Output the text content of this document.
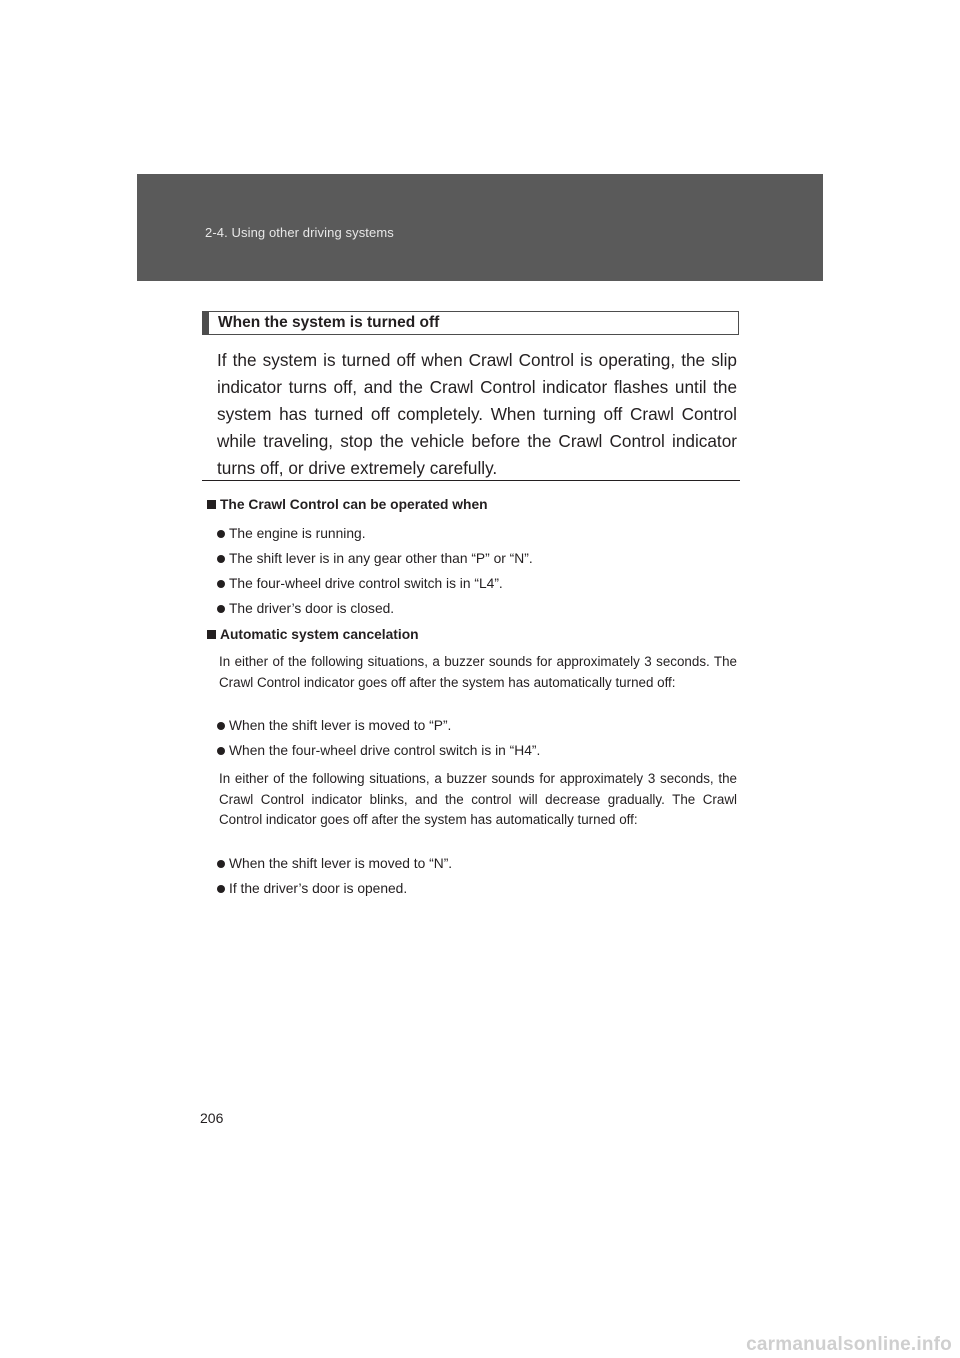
2-4. Using other driving systems
When the system is turned off
If the system is turned off when Crawl Control is operating, the slip indicator turns off, and the Crawl Control indicator flashes until the system has turned off completely. When turning off Crawl Control while traveling, stop the vehicle before the Crawl Control indicator turns off, or drive extremely carefully.
The Crawl Control can be operated when
The engine is running.
The shift lever is in any gear other than “P” or “N”.
The four-wheel drive control switch is in “L4”.
The driver’s door is closed.
Automatic system cancelation
In either of the following situations, a buzzer sounds for approximately 3 seconds. The Crawl Control indicator goes off after the system has automatically turned off:
When the shift lever is moved to “P”.
When the four-wheel drive control switch is in “H4”.
In either of the following situations, a buzzer sounds for approximately 3 seconds, the Crawl Control indicator blinks, and the control will decrease gradually. The Crawl Control indicator goes off after the system has automatically turned off:
When the shift lever is moved to “N”.
If the driver’s door is opened.
206
carmanualsonline.info
